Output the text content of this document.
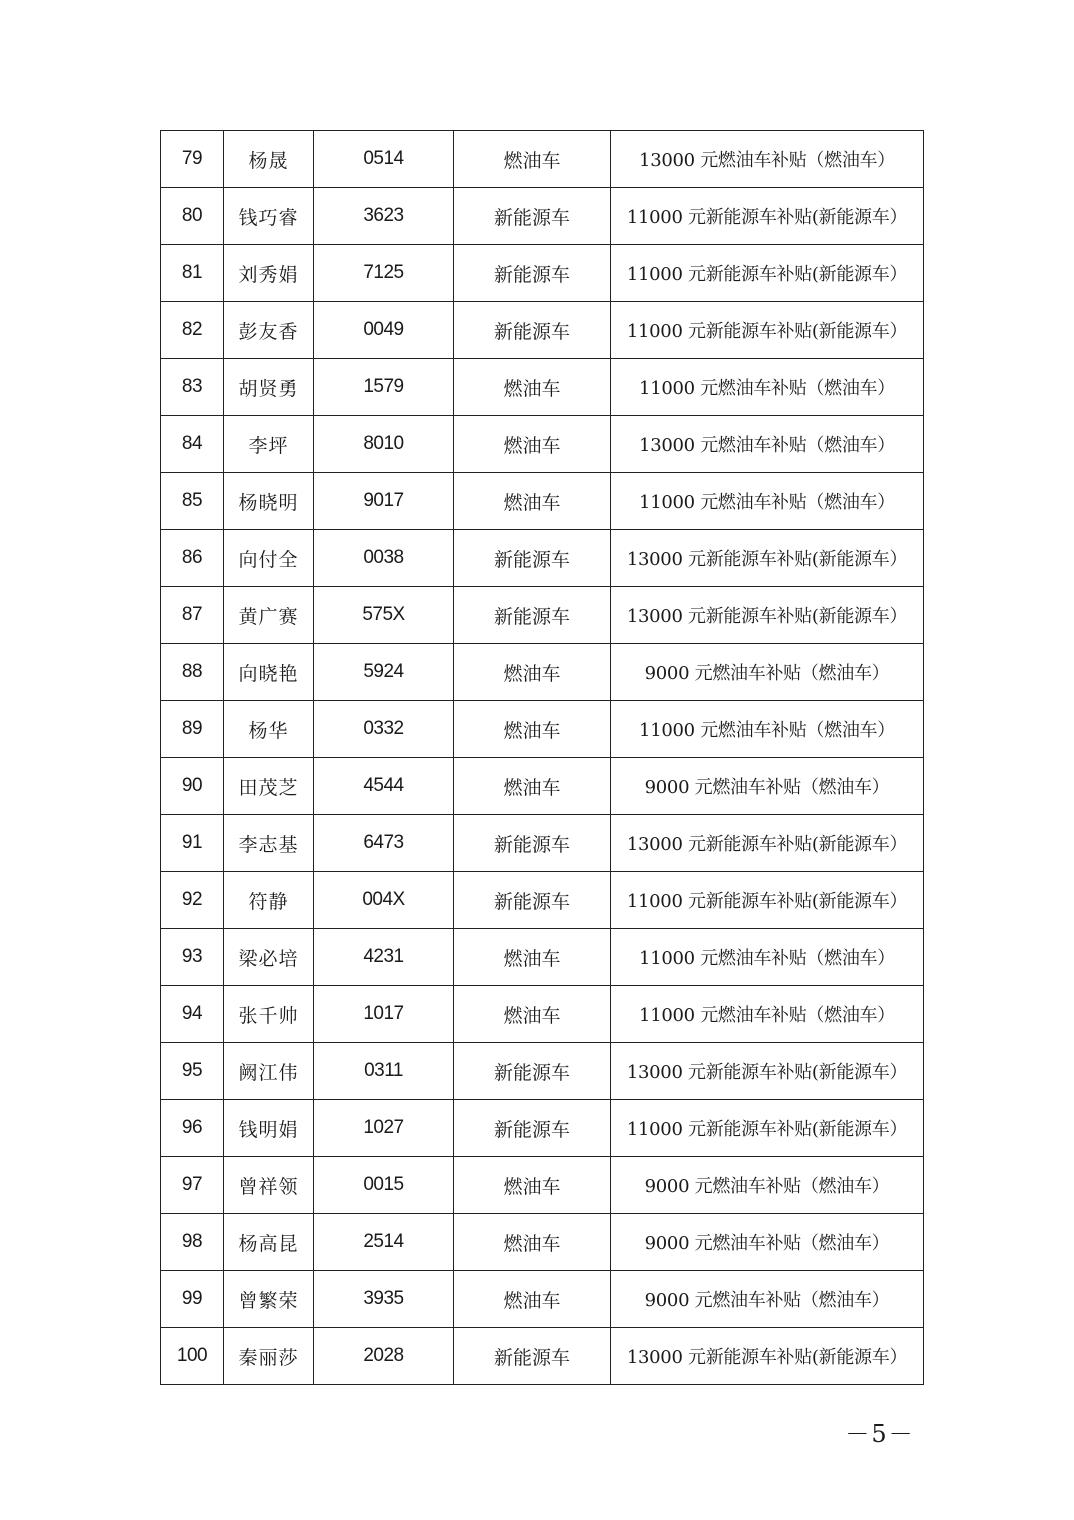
79	杨晟	0514	燃油车	13000 元燃油车补贴（燃油车）
80	钱巧睿	3623	新能源车	11000 元新能源车补贴(新能源车）
81	刘秀娟	7125	新能源车	11000 元新能源车补贴(新能源车）
82	彭友香	0049	新能源车	11000 元新能源车补贴(新能源车）
83	胡贤勇	1579	燃油车	11000 元燃油车补贴（燃油车）
84	李坪	8010	燃油车	13000 元燃油车补贴（燃油车）
85	杨晓明	9017	燃油车	11000 元燃油车补贴（燃油车）
86	向付全	0038	新能源车	13000 元新能源车补贴(新能源车）
87	黄广赛	575X	新能源车	13000 元新能源车补贴(新能源车）
88	向晓艳	5924	燃油车	9000 元燃油车补贴（燃油车）
89	杨华	0332	燃油车	11000 元燃油车补贴（燃油车）
90	田茂芝	4544	燃油车	9000 元燃油车补贴（燃油车）
91	李志基	6473	新能源车	13000 元新能源车补贴(新能源车）
92	符静	004X	新能源车	11000 元新能源车补贴(新能源车）
93	梁必培	4231	燃油车	11000 元燃油车补贴（燃油车）
94	张千帅	1017	燃油车	11000 元燃油车补贴（燃油车）
95	阙江伟	0311	新能源车	13000 元新能源车补贴(新能源车）
96	钱明娟	1027	新能源车	11000 元新能源车补贴(新能源车）
97	曾祥领	0015	燃油车	9000 元燃油车补贴（燃油车）
98	杨高昆	2514	燃油车	9000 元燃油车补贴（燃油车）
99	曾繁荣	3935	燃油车	9000 元燃油车补贴（燃油车）
100	秦丽莎	2028	新能源车	13000 元新能源车补贴(新能源车）
－5－
